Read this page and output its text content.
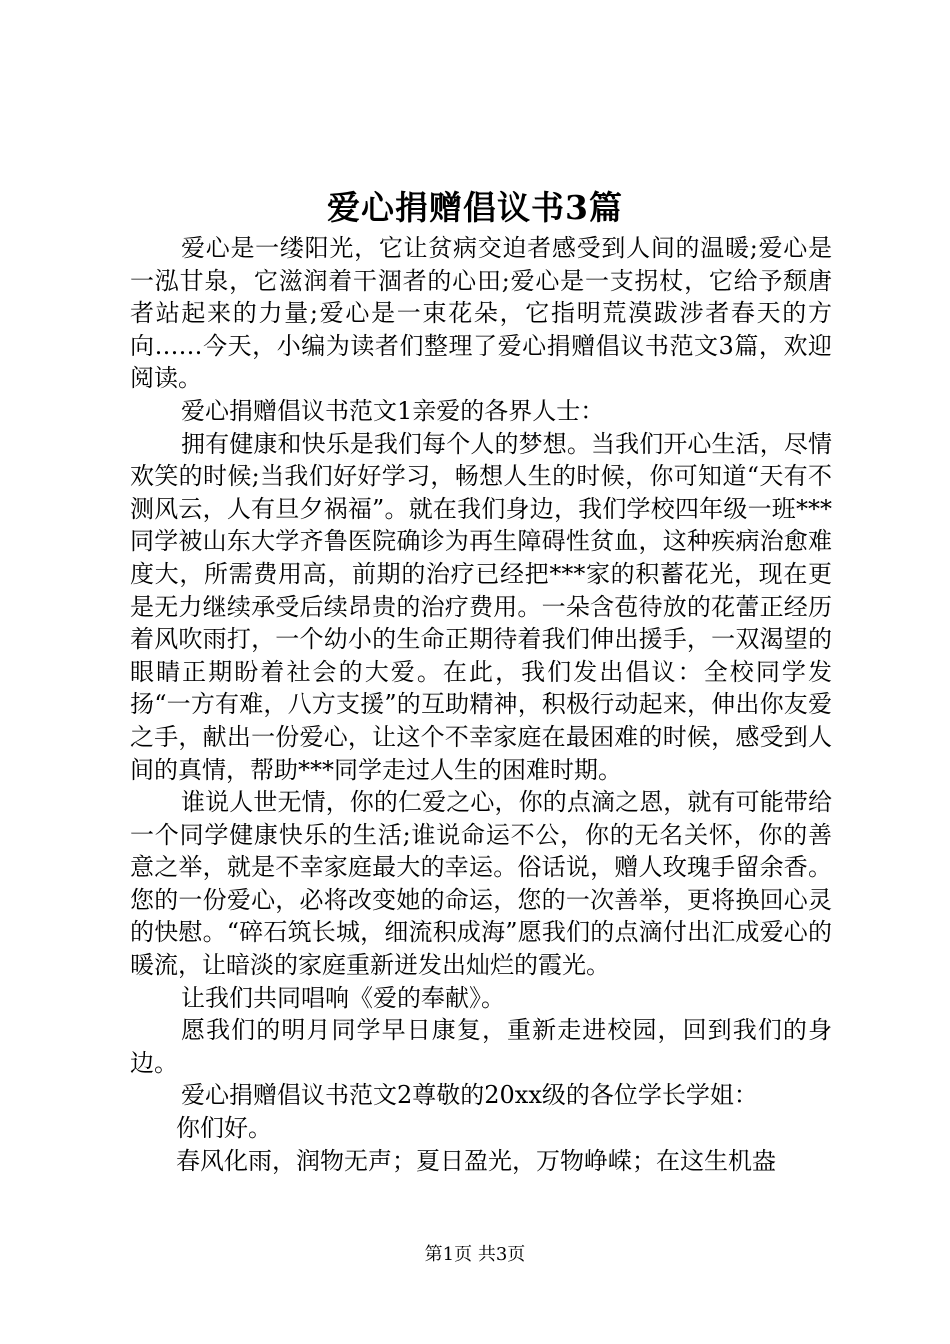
爱心捐赠倡议书3篇

爱心是一缕阳光，它让贫病交迫者感受到人间的温暖;爱心是一泓甘泉，它滋润着干涸者的心田;爱心是一支拐杖，它给予颓唐者站起来的力量;爱心是一束花朵，它指明荒漠跋涉者春天的方向……今天，小编为读者们整理了爱心捐赠倡议书范文3篇，欢迎阅读。

爱心捐赠倡议书范文1亲爱的各界人士：

拥有健康和快乐是我们每个人的梦想。当我们开心生活，尽情欢笑的时候;当我们好好学习，畅想人生的时候，你可知道“天有不测风云，人有旦夕祸福”。就在我们身边，我们学校四年级一班***同学被山东大学齐鲁医院确诊为再生障碍性贫血，这种疾病治愈难度大，所需费用高，前期的治疗已经把***家的积蓄花光，现在更是无力继续承受后续昂贵的治疗费用。一朵含苞待放的花蕾正经历着风吹雨打，一个幼小的生命正期待着我们伸出援手，一双渴望的眼睛正期盼着社会的大爱。在此，我们发出倡议：全校同学发扬“一方有难，八方支援”的互助精神，积极行动起来，伸出你友爱之手，献出一份爱心，让这个不幸家庭在最困难的时候，感受到人间的真情，帮助***同学走过人生的困难时期。

谁说人世无情，你的仁爱之心，你的点滴之恩，就有可能带给一个同学健康快乐的生活;谁说命运不公，你的无名关怀，你的善意之举，就是不幸家庭最大的幸运。俗话说，赠人玫瑰手留余香。您的一份爱心，必将改变她的命运，您的一次善举，更将换回心灵的快慰。“碎石筑长城，细流积成海”愿我们的点滴付出汇成爱心的暖流，让暗淡的家庭重新迸发出灿烂的霞光。

让我们共同唱响《爱的奉献》。

愿我们的明月同学早日康复，重新走进校园，回到我们的身边。

爱心捐赠倡议书范文2尊敬的20xx级的各位学长学姐：

你们好。

春风化雨，润物无声；夏日盈光，万物峥嵘；在这生机盎

第1页 共3页
